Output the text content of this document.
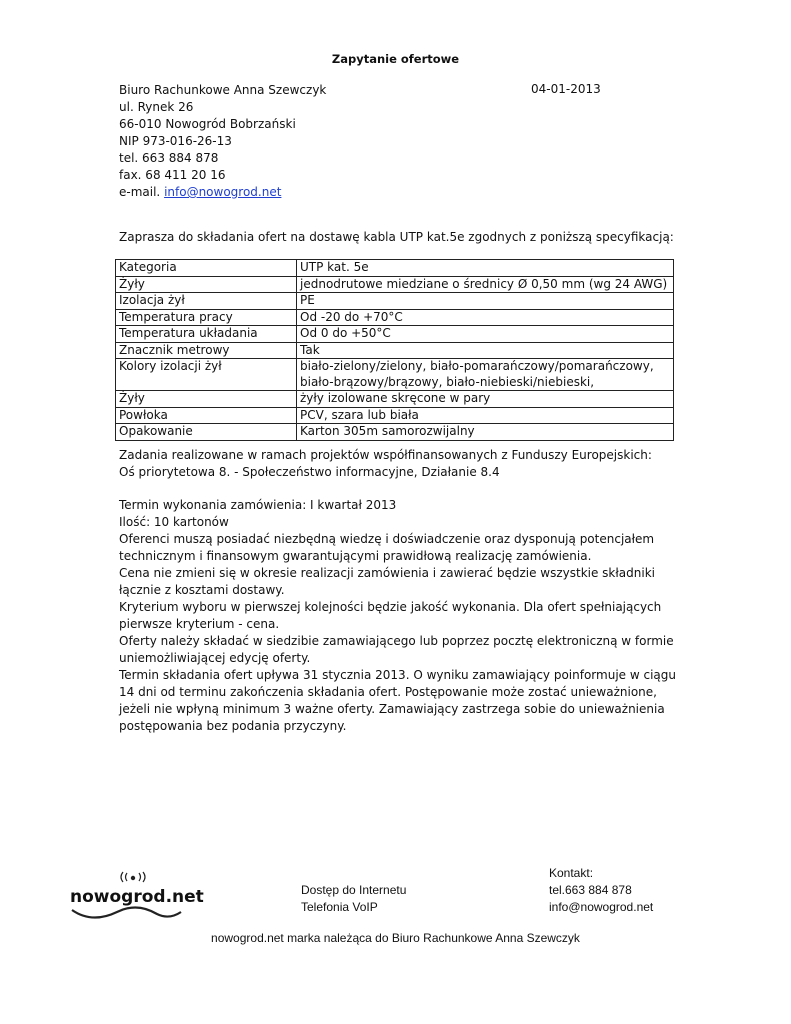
Zapytanie ofertowe
Biuro Rachunkowe Anna Szewczyk
ul. Rynek 26
66-010 Nowogród Bobrzański
NIP 973-016-26-13
tel. 663 884 878
fax. 68 411 20 16
e-mail. info@nowogrod.net
04-01-2013
Zaprasza do składania ofert na dostawę kabla UTP kat.5e zgodnych z poniższą specyfikacją:
Kategoria	UTP kat. 5e
Żyły	jednodrutowe miedziane o średnicy Ø 0,50 mm (wg 24 AWG)
Izolacja żył	PE
Temperatura pracy	Od -20 do +70°C
Temperatura układania	Od 0 do +50°C
Znacznik metrowy	Tak
Kolory izolacji żył	biało-zielony/zielony, biało-pomarańczowy/pomarańczowy,
biało-brązowy/brązowy, biało-niebieski/niebieski,

Żyły	żyły izolowane skręcone w pary
Powłoka	PCV, szara lub biała
Opakowanie	Karton 305m samorozwijalny
Zadania realizowane w ramach projektów współfinansowanych z Funduszy Europejskich:
Oś priorytetowa 8. - Społeczeństwo informacyjne, Działanie 8.4
Termin wykonania zamówienia: I kwartał 2013
Ilość: 10 kartonów
Oferenci muszą posiadać niezbędną wiedzę i doświadczenie oraz dysponują potencjałem
technicznym i finansowym gwarantującymi prawidłową realizację zamówienia.
Cena nie zmieni się w okresie realizacji zamówienia i zawierać będzie wszystkie składniki
łącznie z kosztami dostawy.
Kryterium wyboru w pierwszej kolejności będzie jakość wykonania. Dla ofert spełniających
pierwsze kryterium - cena.
Oferty należy składać w siedzibie zamawiającego lub poprzez pocztę elektroniczną w formie
uniemożliwiającej edycję oferty.
Termin składania ofert upływa 31 stycznia 2013. O wyniku zamawiający poinformuje w ciągu
14 dni od terminu zakończenia składania ofert. Postępowanie może zostać unieważnione,
jeżeli nie wpłyną minimum 3 ważne oferty. Zamawiający zastrzega sobie do unieważnienia
postępowania bez podania przyczyny.
nowogrod.net	Dostęp do Internetu
Telefonia VoIP
Kontakt:
tel.663 884 878
info@nowogrod.net
nowogrod.net marka należąca do Biuro Rachunkowe Anna Szewczyk
